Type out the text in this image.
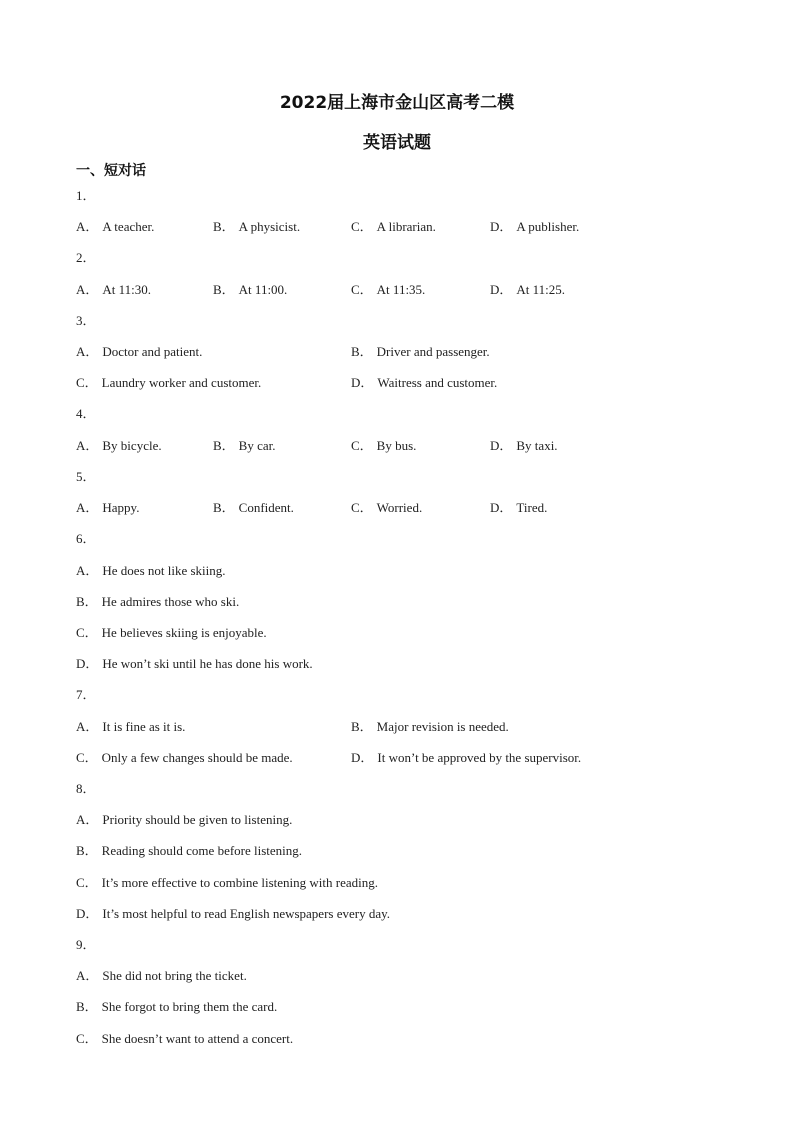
2022届上海市金山区高考二模
英语试题
一、短对话
1．
A． A teacher.	B． A physicist.	C． A librarian.	D． A publisher.
2．
A． At 11:30.	B． At 11:00.	C． At 11:35.	D． At 11:25.
3．
A． Doctor and patient.	B． Driver and passenger.
C． Laundry worker and customer.	D． Waitress and customer.
4．
A． By bicycle.	B． By car.	C． By bus.	D． By taxi.
5．
A． Happy.	B． Confident.	C． Worried.	D． Tired.
6．
A． He does not like skiing.
B． He admires those who ski.
C． He believes skiing is enjoyable.
D． He won’t ski until he has done his work.
7．
A． It is fine as it is.	B． Major revision is needed.
C． Only a few changes should be made.	D． It won’t be approved by the supervisor.
8．
A． Priority should be given to listening.
B． Reading should come before listening.
C． It’s more effective to combine listening with reading.
D． It’s most helpful to read English newspapers every day.
9．
A． She did not bring the ticket.
B． She forgot to bring them the card.
C． She doesn’t want to attend a concert.
